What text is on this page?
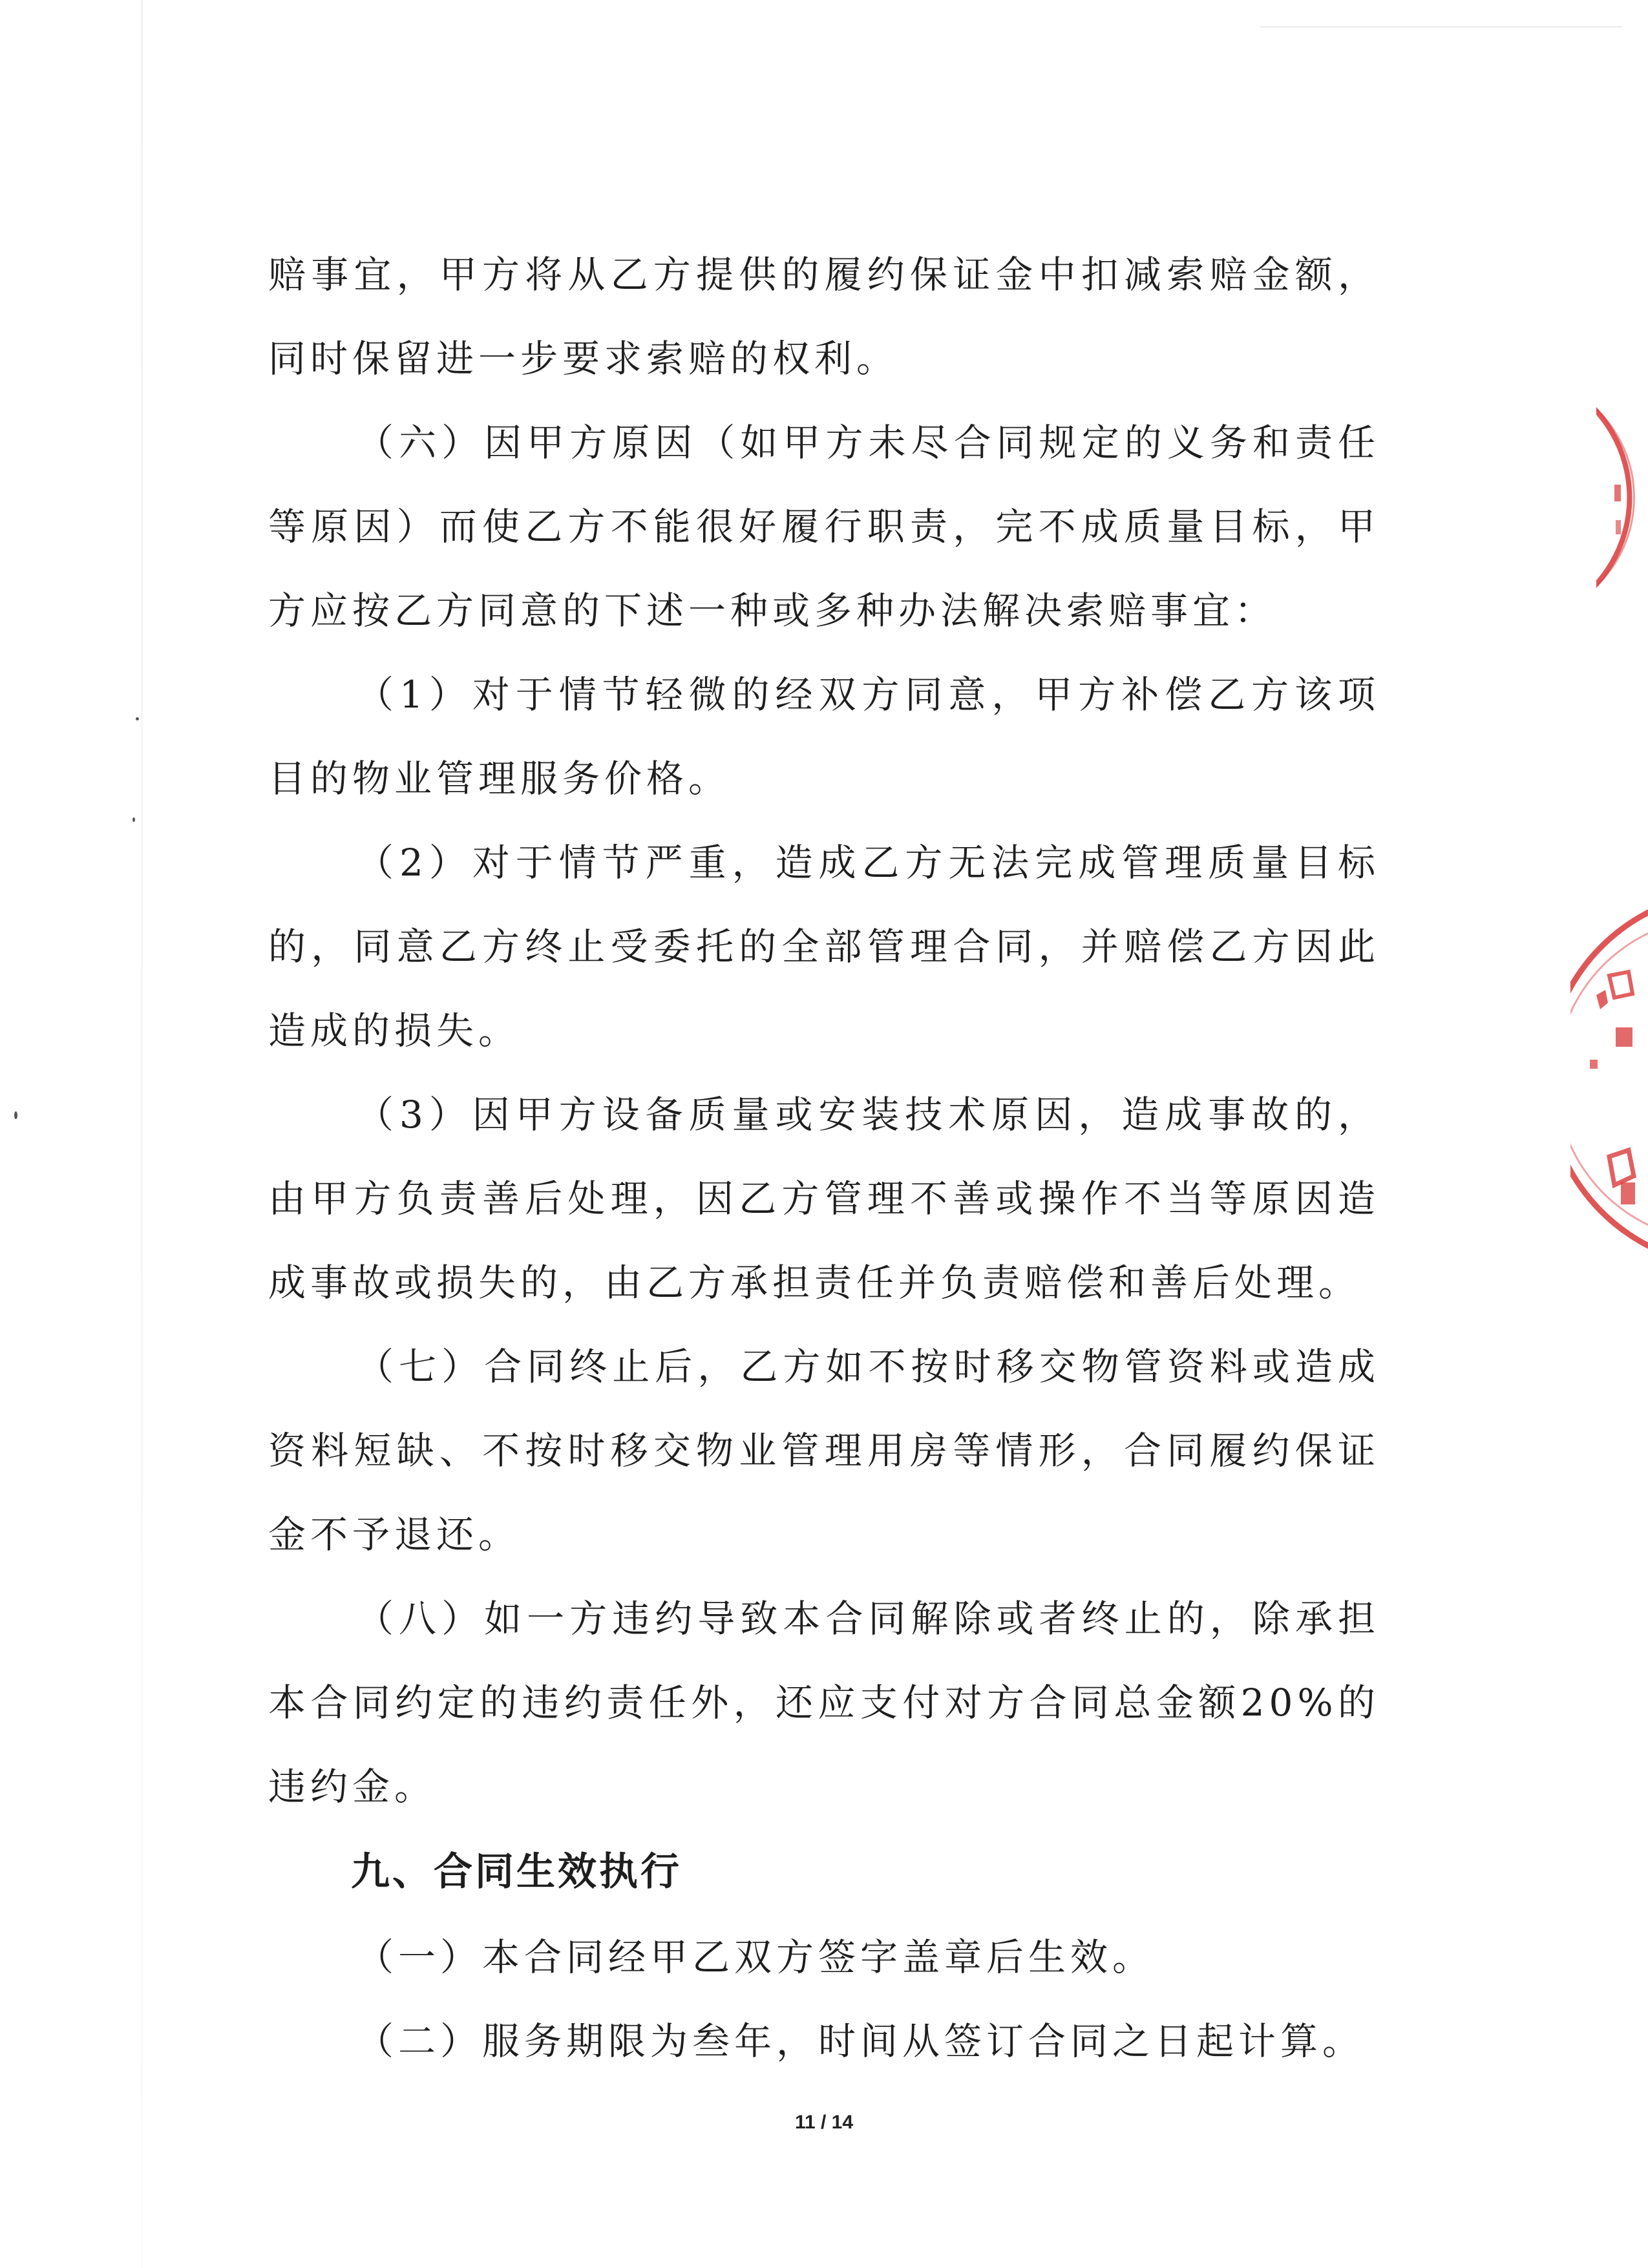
赔事宜，甲方将从乙方提供的履约保证金中扣减索赔金额，同时保留进一步要求索赔的权利。

（六）因甲方原因（如甲方未尽合同规定的义务和责任等原因）而使乙方不能很好履行职责，完不成质量目标，甲方应按乙方同意的下述一种或多种办法解决索赔事宜：

（1）对于情节轻微的经双方同意，甲方补偿乙方该项目的物业管理服务价格。

（2）对于情节严重，造成乙方无法完成管理质量目标的，同意乙方终止受委托的全部管理合同，并赔偿乙方因此造成的损失。

（3）因甲方设备质量或安装技术原因，造成事故的，由甲方负责善后处理，因乙方管理不善或操作不当等原因造成事故或损失的，由乙方承担责任并负责赔偿和善后处理。

（七）合同终止后，乙方如不按时移交物管资料或造成资料短缺、不按时移交物业管理用房等情形，合同履约保证金不予退还。

（八）如一方违约导致本合同解除或者终止的，除承担本合同约定的违约责任外，还应支付对方合同总金额20%的违约金。

九、合同生效执行

（一）本合同经甲乙双方签字盖章后生效。

（二）服务期限为叁年，时间从签订合同之日起计算。

11 / 14
